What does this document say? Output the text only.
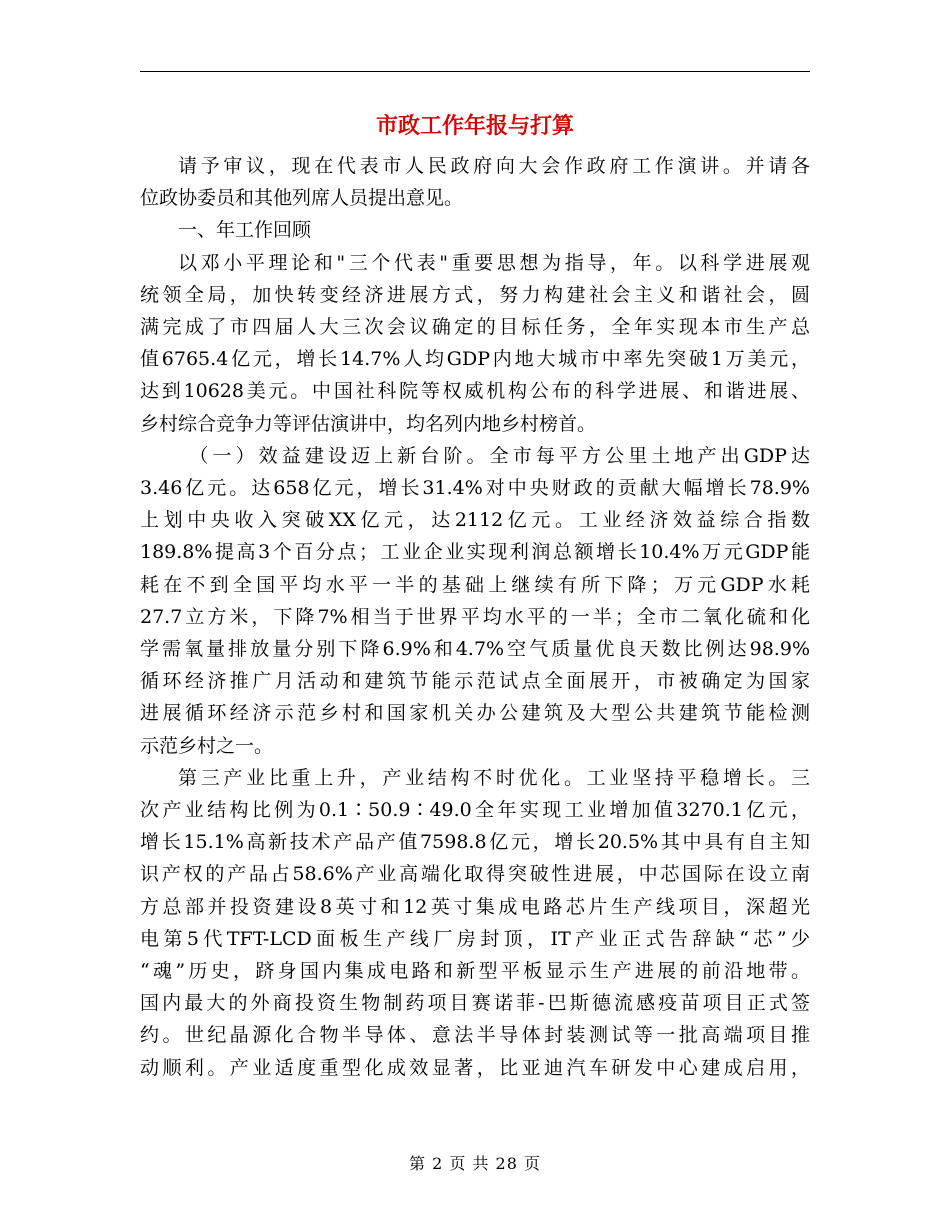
市政工作年报与打算
请予审议，现在代表市人民政府向大会作政府工作演讲。并请各
位政协委员和其他列席人员提出意见。
一、年工作回顾
以邓小平理论和"三个代表"重要思想为指导，年。以科学进展观
统领全局，加快转变经济进展方式，努力构建社会主义和谐社会，圆
满完成了市四届人大三次会议确定的目标任务，全年实现本市生产总
值6765.4亿元，增长14.7%人均GDP内地大城市中率先突破1万美元，
达到10628美元。中国社科院等权威机构公布的科学进展、和谐进展、
乡村综合竞争力等评估演讲中，均名列内地乡村榜首。
（一）效益建设迈上新台阶。全市每平方公里土地产出GDP达
3.46亿元。达658亿元，增长31.4%对中央财政的贡献大幅增长78.9%
上划中央收入突破XX亿元，达2112亿元。工业经济效益综合指数
189.8%提高3个百分点；工业企业实现利润总额增长10.4%万元GDP能
耗在不到全国平均水平一半的基础上继续有所下降；万元GDP水耗
27.7立方米，下降7%相当于世界平均水平的一半；全市二氧化硫和化
学需氧量排放量分别下降6.9%和4.7%空气质量优良天数比例达98.9%
循环经济推广月活动和建筑节能示范试点全面展开，市被确定为国家
进展循环经济示范乡村和国家机关办公建筑及大型公共建筑节能检测
示范乡村之一。
第三产业比重上升，产业结构不时优化。工业坚持平稳增长。三
次产业结构比例为0.1∶50.9∶49.0全年实现工业增加值3270.1亿元，
增长15.1%高新技术产品产值7598.8亿元，增长20.5%其中具有自主知
识产权的产品占58.6%产业高端化取得突破性进展，中芯国际在设立南
方总部并投资建设8英寸和12英寸集成电路芯片生产线项目，深超光
电第5代TFT-LCD面板生产线厂房封顶，IT产业正式告辞缺“芯”少
“魂”历史，跻身国内集成电路和新型平板显示生产进展的前沿地带。
国内最大的外商投资生物制药项目赛诺菲-巴斯德流感疫苗项目正式签
约。世纪晶源化合物半导体、意法半导体封装测试等一批高端项目推
动顺利。产业适度重型化成效显著，比亚迪汽车研发中心建成启用，
第 2 页 共 28 页
